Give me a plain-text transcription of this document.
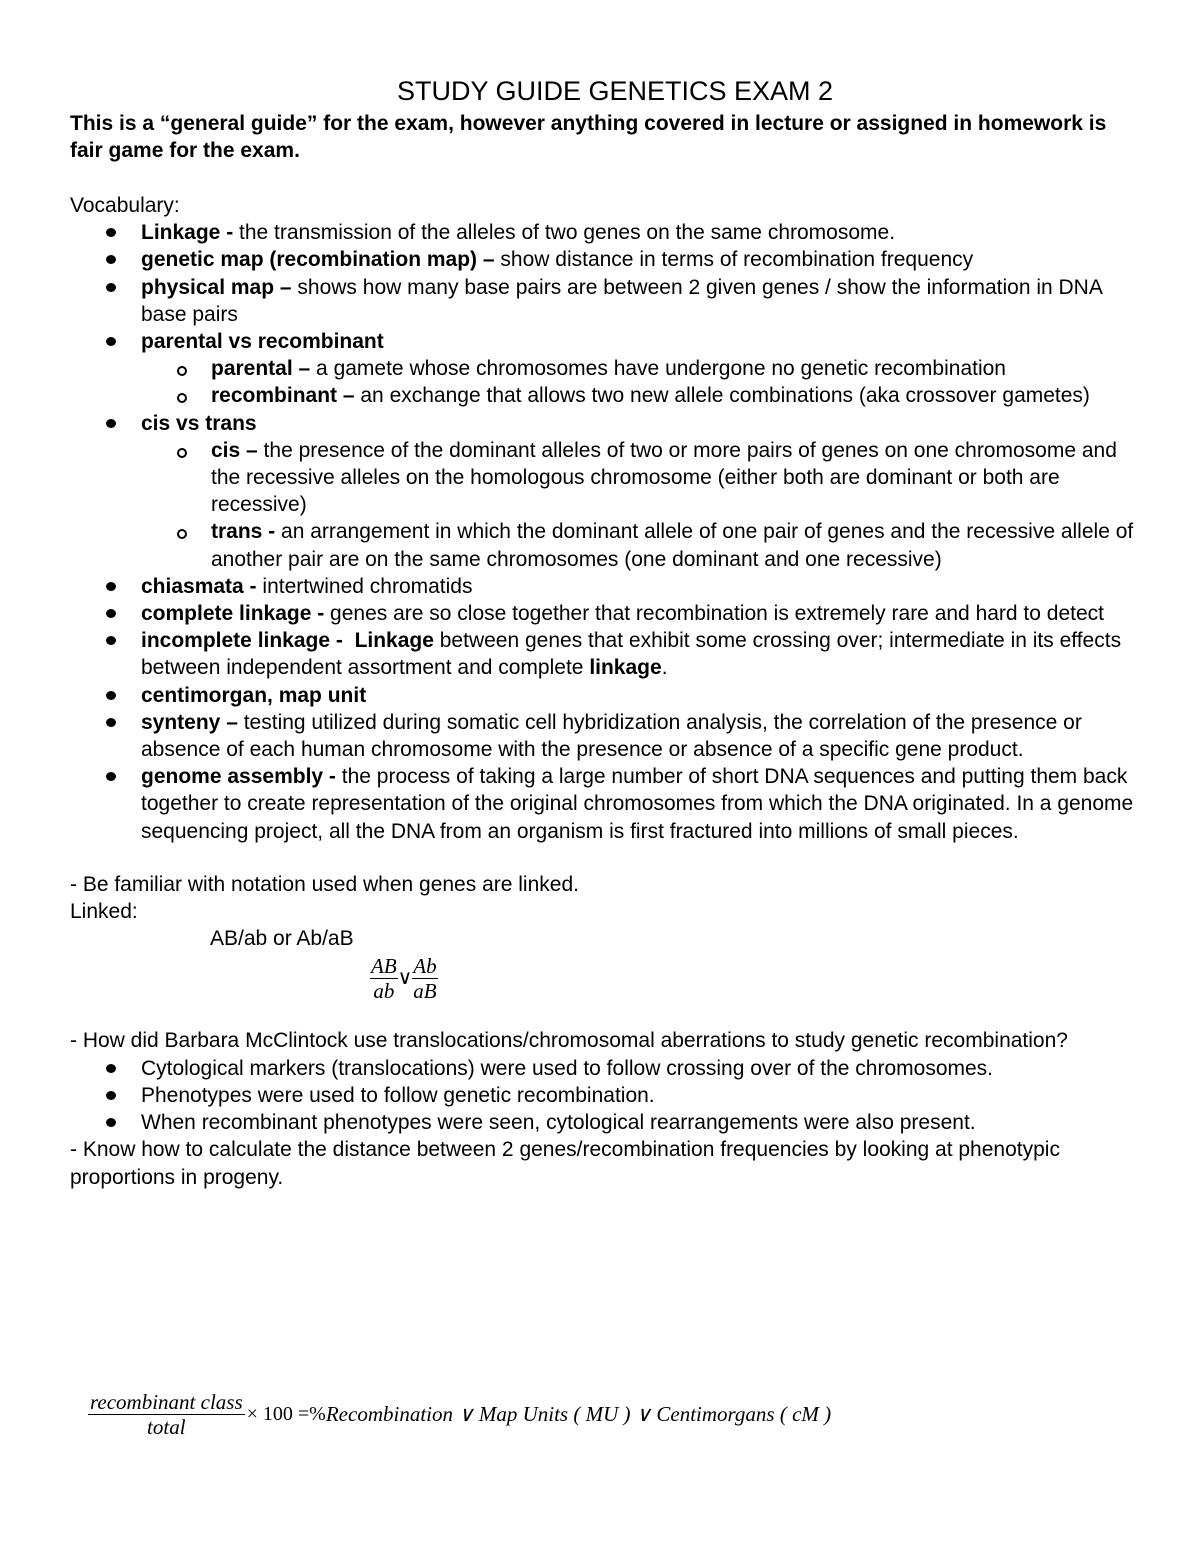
STUDY GUIDE GENETICS EXAM 2
This is a “general guide” for the exam, however anything covered in lecture or assigned in homework is fair game for the exam.
Vocabulary:
Linkage - the transmission of the alleles of two genes on the same chromosome.
genetic map (recombination map) – show distance in terms of recombination frequency
physical map – shows how many base pairs are between 2 given genes / show the information in DNA base pairs
parental vs recombinant
parental – a gamete whose chromosomes have undergone no genetic recombination
recombinant – an exchange that allows two new allele combinations (aka crossover gametes)
cis vs trans
cis – the presence of the dominant alleles of two or more pairs of genes on one chromosome and the recessive alleles on the homologous chromosome (either both are dominant or both are recessive)
trans - an arrangement in which the dominant allele of one pair of genes and the recessive allele of another pair are on the same chromosomes (one dominant and one recessive)
chiasmata - intertwined chromatids
complete linkage - genes are so close together that recombination is extremely rare and hard to detect
incomplete linkage - Linkage between genes that exhibit some crossing over; intermediate in its effects between independent assortment and complete linkage.
centimorgan, map unit
synteny – testing utilized during somatic cell hybridization analysis, the correlation of the presence or absence of each human chromosome with the presence or absence of a specific gene product.
genome assembly - the process of taking a large number of short DNA sequences and putting them back together to create representation of the original chromosomes from which the DNA originated. In a genome sequencing project, all the DNA from an organism is first fractured into millions of small pieces.
- Be familiar with notation used when genes are linked.
Linked:
AB/ab or Ab/aB
$\frac{AB}{ab}$ ∨ $\frac{Ab}{aB}$
- How did Barbara McClintock use translocations/chromosomal aberrations to study genetic recombination?
Cytological markers (translocations) were used to follow crossing over of the chromosomes.
Phenotypes were used to follow genetic recombination.
When recombinant phenotypes were seen, cytological rearrangements were also present.
- Know how to calculate the distance between 2 genes/recombination frequencies by looking at phenotypic proportions in progeny.
$\frac{\text{recombinant class}}{\text{total}} \times 100$ =% Recombination ∨ Map Units ( MU ) ∨ Centimorgans ( cM )
